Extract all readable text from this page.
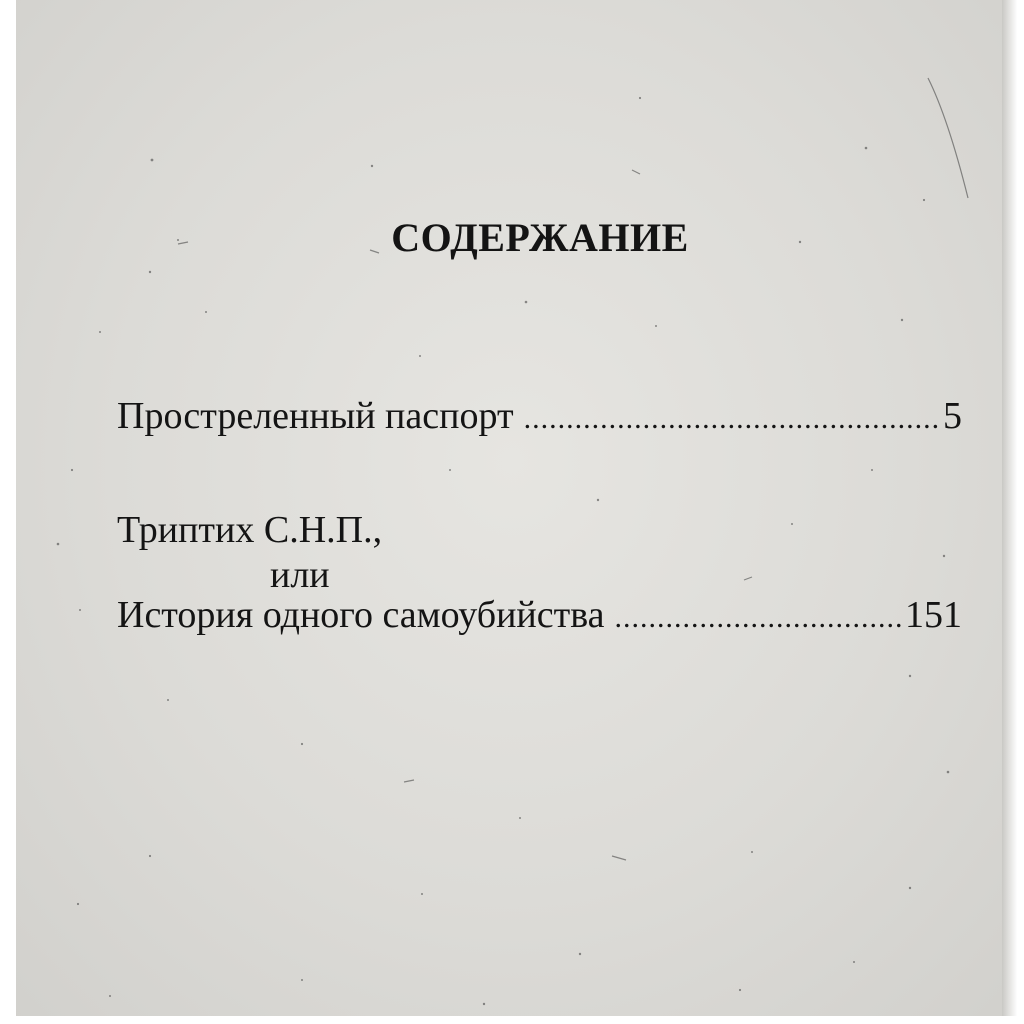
СОДЕРЖАНИЕ
Простреленный паспорт .....	5
Триптих С.Н.П.,
или
История одного самоубийства .....	151
